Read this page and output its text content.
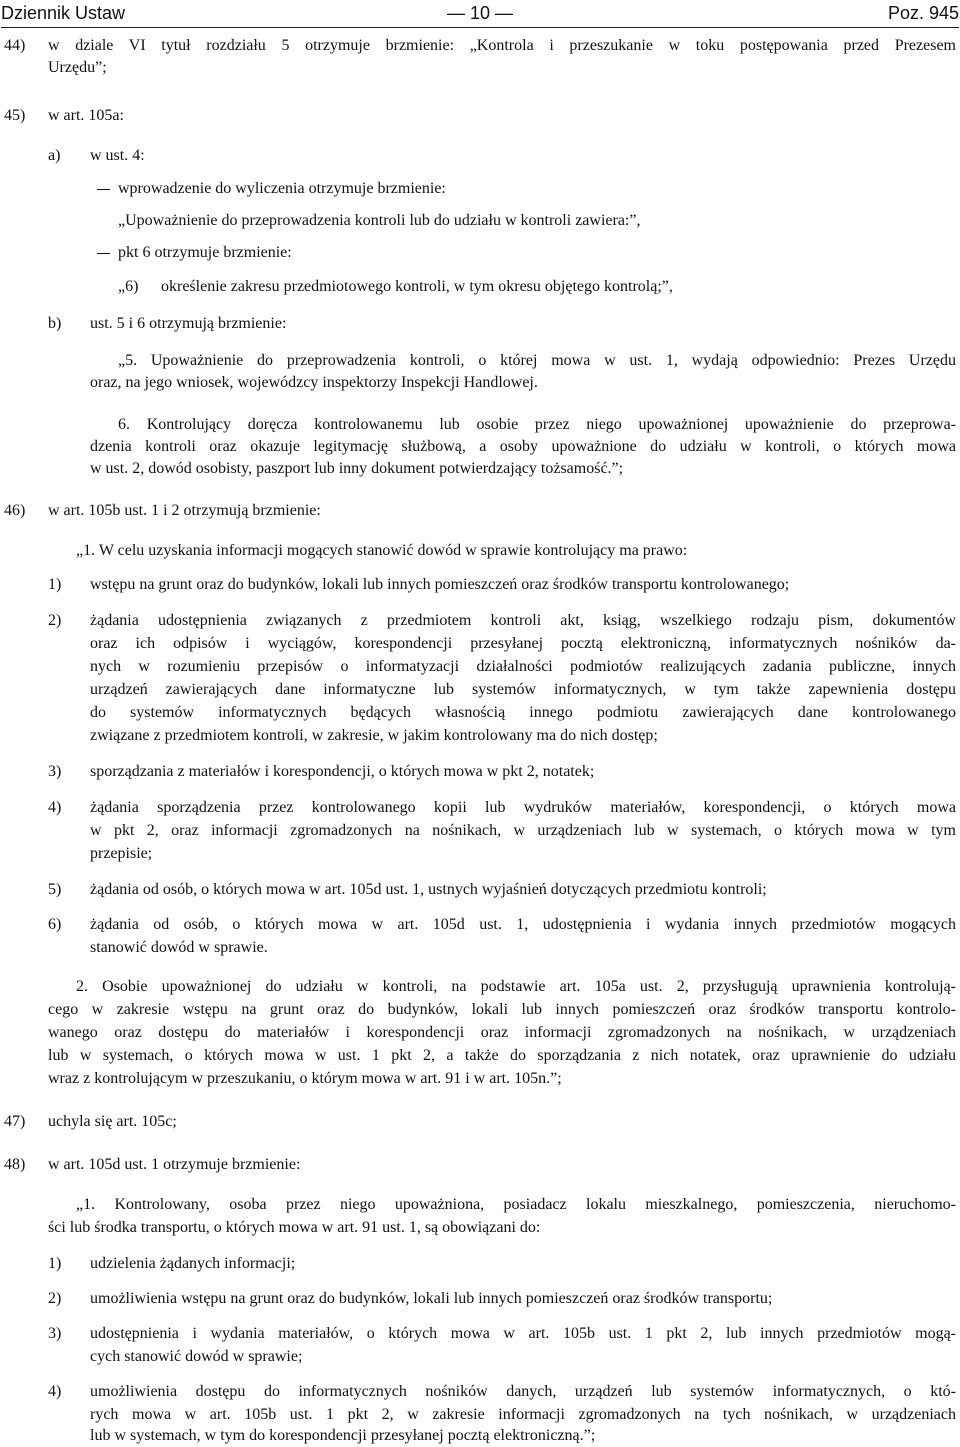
Dziennik Ustaw	— 10 —	Poz. 945
44) w dziale VI tytuł rozdziału 5 otrzymuje brzmienie: „Kontrola i przeszukanie w toku postępowania przed Prezesem
Urzędu”;
45) w art. 105a:
a) w ust. 4:
wprowadzenie do wyliczenia otrzymuje brzmienie:
„Upoważnienie do przeprowadzenia kontroli lub do udziału w kontroli zawiera:”,
pkt 6 otrzymuje brzmienie:
„6) określenie zakresu przedmiotowego kontroli, w tym okresu objętego kontrolą;”,
b) ust. 5 i 6 otrzymują brzmienie:
„5. Upoważnienie do przeprowadzenia kontroli, o której mowa w ust. 1, wydają odpowiednio: Prezes Urzędu
oraz, na jego wniosek, wojewódzcy inspektorzy Inspekcji Handlowej.
6. Kontrolujący doręcza kontrolowanemu lub osobie przez niego upoważnionej upoważnienie do przeprowa-
dzenia kontroli oraz okazuje legitymację służbową, a osoby upoważnione do udziału w kontroli, o których mowa
w ust. 2, dowód osobisty, paszport lub inny dokument potwierdzający tożsamość.”;
46) w art. 105b ust. 1 i 2 otrzymują brzmienie:
„1. W celu uzyskania informacji mogących stanowić dowód w sprawie kontrolujący ma prawo:
1) wstępu na grunt oraz do budynków, lokali lub innych pomieszczeń oraz środków transportu kontrolowanego;
2) żądania udostępnienia związanych z przedmiotem kontroli akt, ksiąg, wszelkiego rodzaju pism, dokumentów
oraz ich odpisów i wyciągów, korespondencji przesyłanej pocztą elektroniczną, informatycznych nośników da-
nych w rozumieniu przepisów o informatyzacji działalności podmiotów realizujących zadania publiczne, innych
urządzeń zawierających dane informatyczne lub systemów informatycznych, w tym także zapewnienia dostępu
do systemów informatycznych będących własnością innego podmiotu zawierających dane kontrolowanego
związane z przedmiotem kontroli, w zakresie, w jakim kontrolowany ma do nich dostęp;
3) sporządzania z materiałów i korespondencji, o których mowa w pkt 2, notatek;
4) żądania sporządzenia przez kontrolowanego kopii lub wydruków materiałów, korespondencji, o których mowa
w pkt 2, oraz informacji zgromadzonych na nośnikach, w urządzeniach lub w systemach, o których mowa w tym
przepisie;
5) żądania od osób, o których mowa w art. 105d ust. 1, ustnych wyjaśnień dotyczących przedmiotu kontroli;
6) żądania od osób, o których mowa w art. 105d ust. 1, udostępnienia i wydania innych przedmiotów mogących
stanowić dowód w sprawie.
2. Osobie upoważnionej do udziału w kontroli, na podstawie art. 105a ust. 2, przysługują uprawnienia kontrolują-
cego w zakresie wstępu na grunt oraz do budynków, lokali lub innych pomieszczeń oraz środków transportu kontrolo-
wanego oraz dostępu do materiałów i korespondencji oraz informacji zgromadzonych na nośnikach, w urządzeniach
lub w systemach, o których mowa w ust. 1 pkt 2, a także do sporządzania z nich notatek, oraz uprawnienie do udziału
wraz z kontrolującym w przeszukaniu, o którym mowa w art. 91 i w art. 105n.”;
47) uchyla się art. 105c;
48) w art. 105d ust. 1 otrzymuje brzmienie:
„1. Kontrolowany, osoba przez niego upoważniona, posiadacz lokalu mieszkalnego, pomieszczenia, nieruchomo-
ści lub środka transportu, o których mowa w art. 91 ust. 1, są obowiązani do:
1) udzielenia żądanych informacji;
2) umożliwienia wstępu na grunt oraz do budynków, lokali lub innych pomieszczeń oraz środków transportu;
3) udostępnienia i wydania materiałów, o których mowa w art. 105b ust. 1 pkt 2, lub innych przedmiotów mogą-
cych stanowić dowód w sprawie;
4) umożliwienia dostępu do informatycznych nośników danych, urządzeń lub systemów informatycznych, o któ-
rych mowa w art. 105b ust. 1 pkt 2, w zakresie informacji zgromadzonych na tych nośnikach, w urządzeniach
lub w systemach, w tym do korespondencji przesyłanej pocztą elektroniczną.”;
